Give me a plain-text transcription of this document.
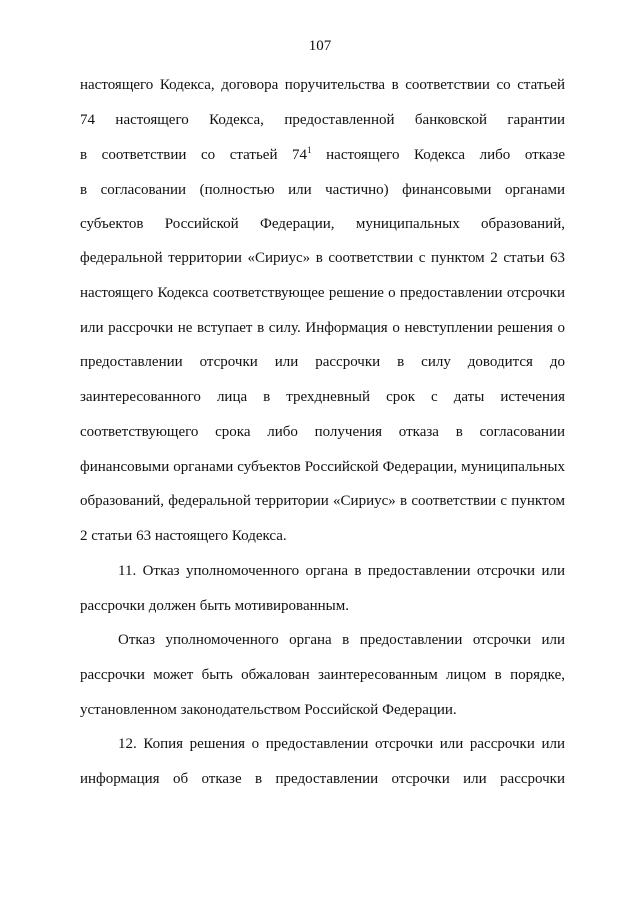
107
настоящего Кодекса, договора поручительства в соответствии со статьей
74 настоящего Кодекса, предоставленной банковской гарантии
в соответствии со статьей $74^1$ настоящего Кодекса либо отказе
в согласовании (полностью или частично) финансовыми органами
субъектов Российской Федерации, муниципальных образований,
федеральной территории «Сириус» в соответствии с пунктом 2 статьи 63
настоящего Кодекса соответствующее решение о предоставлении отсрочки
или рассрочки не вступает в силу. Информация о невступлении решения о
предоставлении отсрочки или рассрочки в силу доводится до
заинтересованного лица в трехдневный срок с даты истечения
соответствующего срока либо получения отказа в согласовании
финансовыми органами субъектов Российской Федерации, муниципальных
образований, федеральной территории «Сириус» в соответствии с пунктом
2 статьи 63 настоящего Кодекса.
11. Отказ уполномоченного органа в предоставлении отсрочки или
рассрочки должен быть мотивированным.
Отказ уполномоченного органа в предоставлении отсрочки или
рассрочки может быть обжалован заинтересованным лицом в порядке,
установленном законодательством Российской Федерации.
12. Копия решения о предоставлении отсрочки или рассрочки или
информация об отказе в предоставлении отсрочки или рассрочки
